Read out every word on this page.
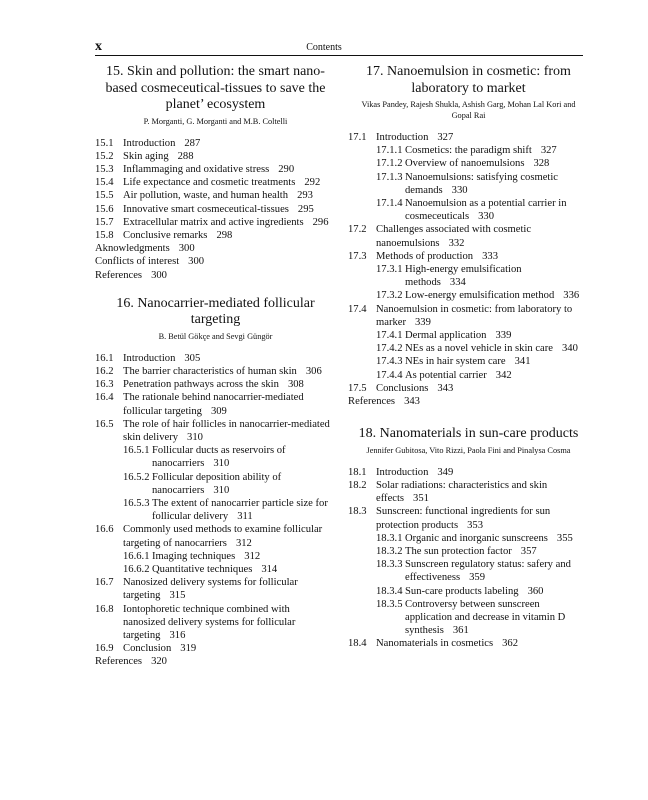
x	Contents
15. Skin and pollution: the smart nano-based cosmeceutical-tissues to save the planet’ ecosystem
P. Morganti, G. Morganti and M.B. Coltelli
15.1 Introduction 287
15.2 Skin aging 288
15.3 Inflammaging and oxidative stress 290
15.4 Life expectance and cosmetic treatments 292
15.5 Air pollution, waste, and human health 293
15.6 Innovative smart cosmeceutical-tissues 295
15.7 Extracellular matrix and active ingredients 296
15.8 Conclusive remarks 298
Aknowledgments 300
Conflicts of interest 300
References 300
16. Nanocarrier-mediated follicular targeting
B. Betül Gökçe and Sevgi Güngör
16.1 Introduction 305
16.2 The barrier characteristics of human skin 306
16.3 Penetration pathways across the skin 308
16.4 The rationale behind nanocarrier-mediated follicular targeting 309
16.5 The role of hair follicles in nanocarrier-mediated skin delivery 310
16.5.1 Follicular ducts as reservoirs of nanocarriers 310
16.5.2 Follicular deposition ability of nanocarriers 310
16.5.3 The extent of nanocarrier particle size for follicular delivery 311
16.6 Commonly used methods to examine follicular targeting of nanocarriers 312
16.6.1 Imaging techniques 312
16.6.2 Quantitative techniques 314
16.7 Nanosized delivery systems for follicular targeting 315
16.8 Iontophoretic technique combined with nanosized delivery systems for follicular targeting 316
16.9 Conclusion 319
References 320
17. Nanoemulsion in cosmetic: from laboratory to market
Vikas Pandey, Rajesh Shukla, Ashish Garg, Mohan Lal Kori and Gopal Rai
17.1 Introduction 327
17.1.1 Cosmetics: the paradigm shift 327
17.1.2 Overview of nanoemulsions 328
17.1.3 Nanoemulsions: satisfying cosmetic demands 330
17.1.4 Nanoemulsion as a potential carrier in cosmeceuticals 330
17.2 Challenges associated with cosmetic nanoemulsions 332
17.3 Methods of production 333
17.3.1 High-energy emulsification methods 334
17.3.2 Low-energy emulsification method 336
17.4 Nanoemulsion in cosmetic: from laboratory to marker 339
17.4.1 Dermal application 339
17.4.2 NEs as a novel vehicle in skin care 340
17.4.3 NEs in hair system care 341
17.4.4 As potential carrier 342
17.5 Conclusions 343
References 343
18. Nanomaterials in sun-care products
Jennifer Gubitosa, Vito Rizzi, Paola Fini and Pinalysa Cosma
18.1 Introduction 349
18.2 Solar radiations: characteristics and skin effects 351
18.3 Sunscreen: functional ingredients for sun protection products 353
18.3.1 Organic and inorganic sunscreens 355
18.3.2 The sun protection factor 357
18.3.3 Sunscreen regulatory status: safery and effectiveness 359
18.3.4 Sun-care products labeling 360
18.3.5 Controversy between sunscreen application and decrease in vitamin D synthesis 361
18.4 Nanomaterials in cosmetics 362
